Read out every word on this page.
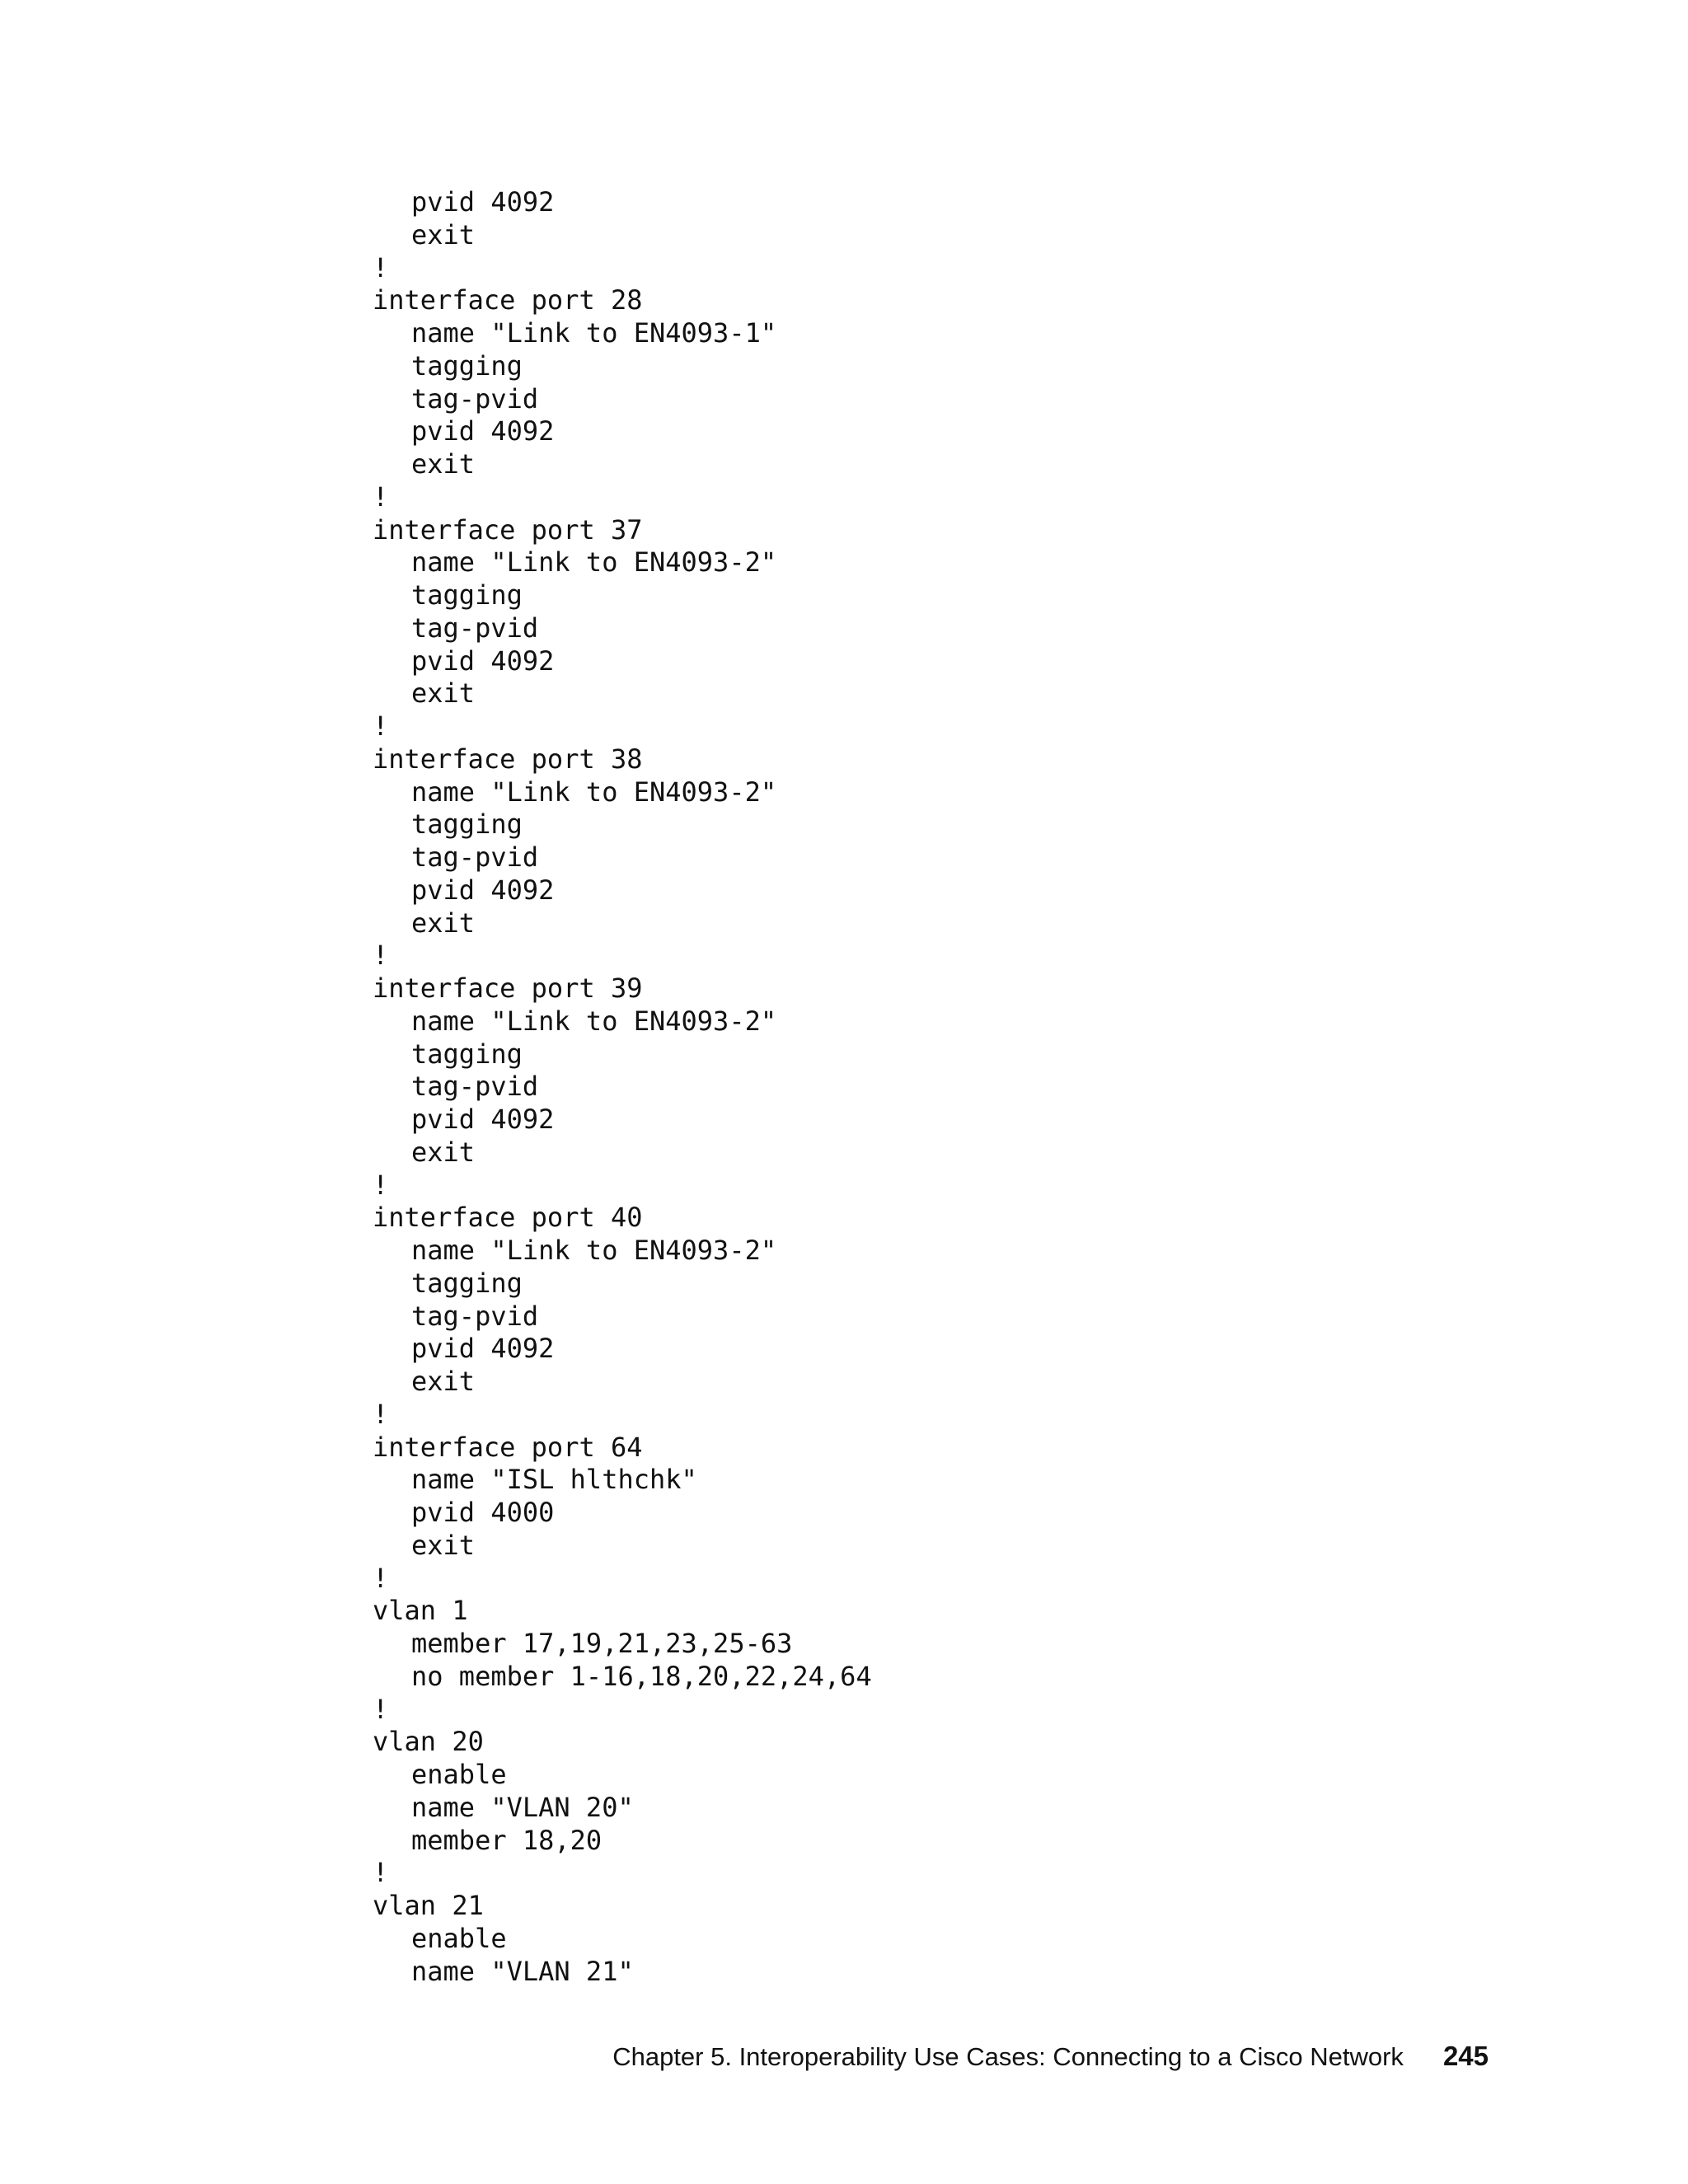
pvid 4092
exit
!
interface port 28
name "Link to EN4093-1"
tagging
tag-pvid
pvid 4092
exit
!
interface port 37
name "Link to EN4093-2"
tagging
tag-pvid
pvid 4092
exit
!
interface port 38
name "Link to EN4093-2"
tagging
tag-pvid
pvid 4092
exit
!
interface port 39
name "Link to EN4093-2"
tagging
tag-pvid
pvid 4092
exit
!
interface port 40
name "Link to EN4093-2"
tagging
tag-pvid
pvid 4092
exit
!
interface port 64
name "ISL hlthchk"
pvid 4000
exit
!
vlan 1
member 17,19,21,23,25-63
no member 1-16,18,20,22,24,64
!
vlan 20
enable
name "VLAN 20"
member 18,20
!
vlan 21
enable
name "VLAN 21"
Chapter 5. Interoperability Use Cases: Connecting to a Cisco Network 245
